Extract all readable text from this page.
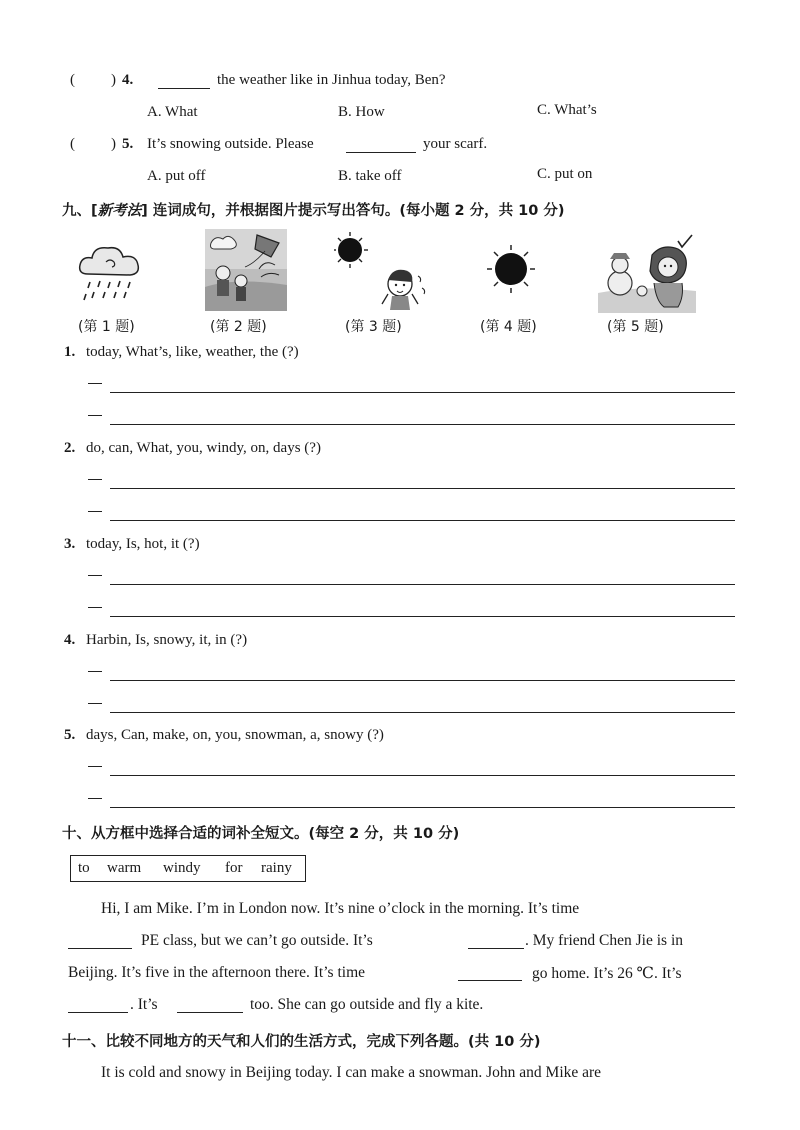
( ) 4.	the weather like in Jinhua today, Ben?
A. What	B. How	C. What’s
( ) 5. It’s snowing outside. Please	your scarf.
A. put off	B. take off	C. put on
九、[新考法] 连词成句，并根据图片提示写出答句。(每小题 2 分，共 10 分)
(第 1 题)	(第 2 题)	(第 3 题)	(第 4 题)	(第 5 题)
1. today, What’s, like, weather, the (?)
2. do, can, What, you, windy, on, days (?)
3. today, Is, hot, it (?)
4. Harbin, Is, snowy, it, in (?)
5. days, Can, make, on, you, snowman, a, snowy (?)
十、从方框中选择合适的词补全短文。(每空 2 分，共 10 分)
to warm windy for rainy
Hi, I am Mike. I’m in London now. It’s nine o’clock in the morning. It’s time
PE class, but we can’t go outside. It’s	. My friend Chen Jie is in
Beijing. It’s five in the afternoon there. It’s time	go home. It’s 26 ℃. It’s
. It’s	too. She can go outside and fly a kite.
十一、比较不同地方的天气和人们的生活方式，完成下列各题。(共 10 分)
It is cold and snowy in Beijing today. I can make a snowman. John and Mike are
